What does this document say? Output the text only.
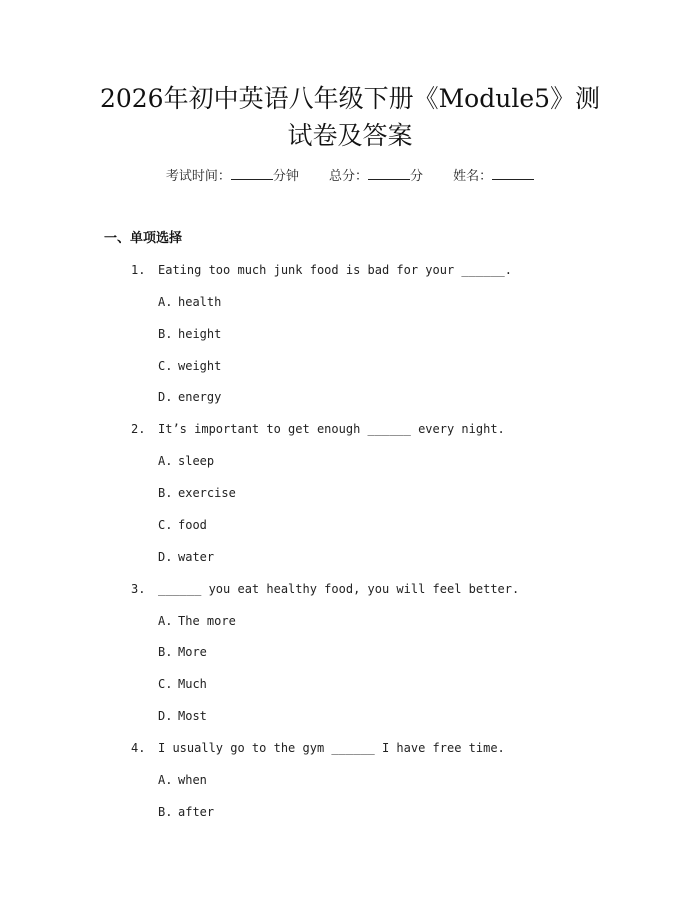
2026年初中英语八年级下册《Module5》测
试卷及答案
考试时间：	分钟 总分：	分 姓名：
一、单项选择
1. Eating too much junk food is bad for your ______.
A. health
B. height
C. weight
D. energy
2. It’s important to get enough ______ every night.
A. sleep
B. exercise
C. food
D. water
3. ______ you eat healthy food, you will feel better.
A. The more
B. More
C. Much
D. Most
4. I usually go to the gym ______ I have free time.
A. when
B. after
